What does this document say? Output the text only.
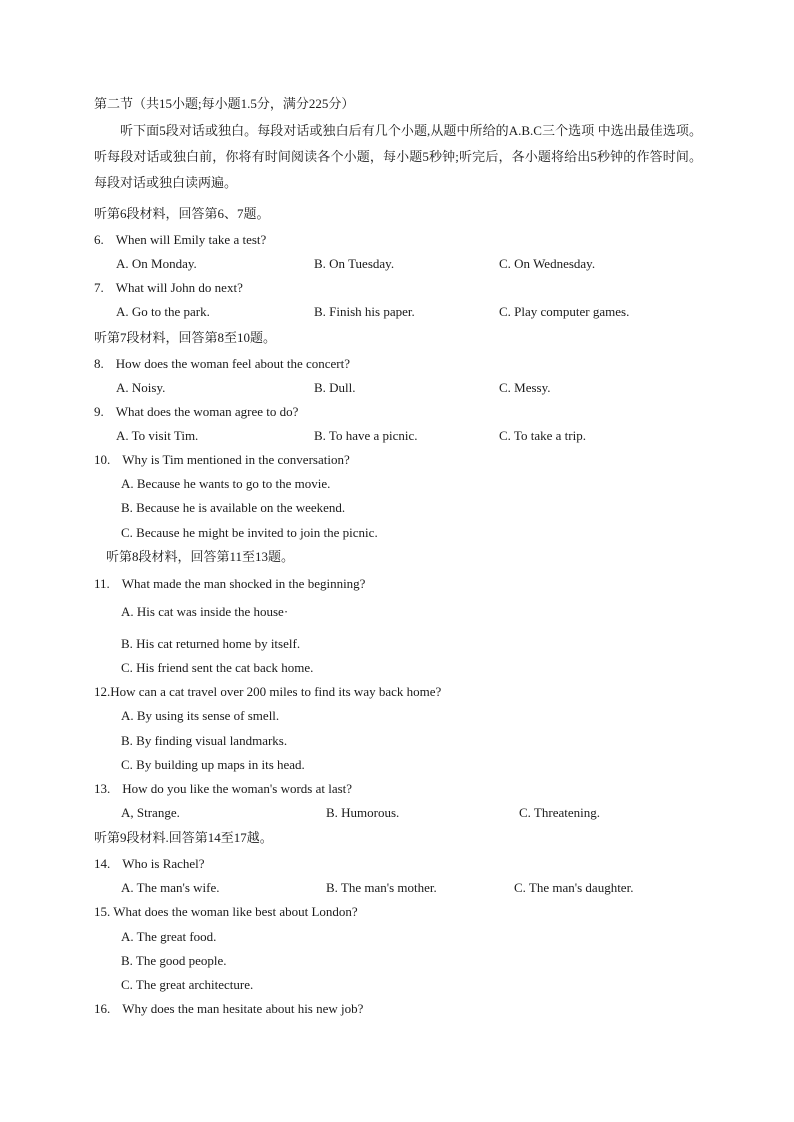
第二节（共15小题;每小题1.5分，满分225分）
听下面5段对话或独白。每段对话或独白后有几个小题,从题中所给的A.B.C三个选项 中选出最佳选项。听每段对话或独白前，你将有时间阅读各个小题，每小题5秒钟;听完后，各小题将给出5秒钟的作答时间。每段对话或独白读两遍。
听第6段材料，回答第6、7题。
6. When will Emily take a test?
A. On Monday.	B. On Tuesday.	C. On Wednesday.
7. What will John do next?
A. Go to the park.	B. Finish his paper.	C. Play computer games.
听第7段材料，回答第8至10题。
8. How does the woman feel about the concert?
A. Noisy.	B. Dull.	C. Messy.
9. What does the woman agree to do?
A. To visit Tim.	B. To have a picnic.	C. To take a trip.
10. Why is Tim mentioned in the conversation?
A. Because he wants to go to the movie.
B. Because he is available on the weekend.
C. Because he might be invited to join the picnic.
听第8段材料，回答第11至13题。
11. What made the man shocked in the beginning?
A. His cat was inside the house·
B. His cat returned home by itself.
C. His friend sent the cat back home.
12.How can a cat travel over 200 miles to find its way back home?
A. By using its sense of smell.
B. By finding visual landmarks.
C. By building up maps in its head.
13. How do you like the woman's words at last?
A, Strange.	B. Humorous.	C. Threatening.
听第9段材料.回答第14至17越。
14. Who is Rachel?
A. The man's wife.	B. The man's mother.	C. The man's daughter.
15. What does the woman like best about London?
A. The great food.
B. The good people.
C. The great architecture.
16. Why does the man hesitate about his new job?
